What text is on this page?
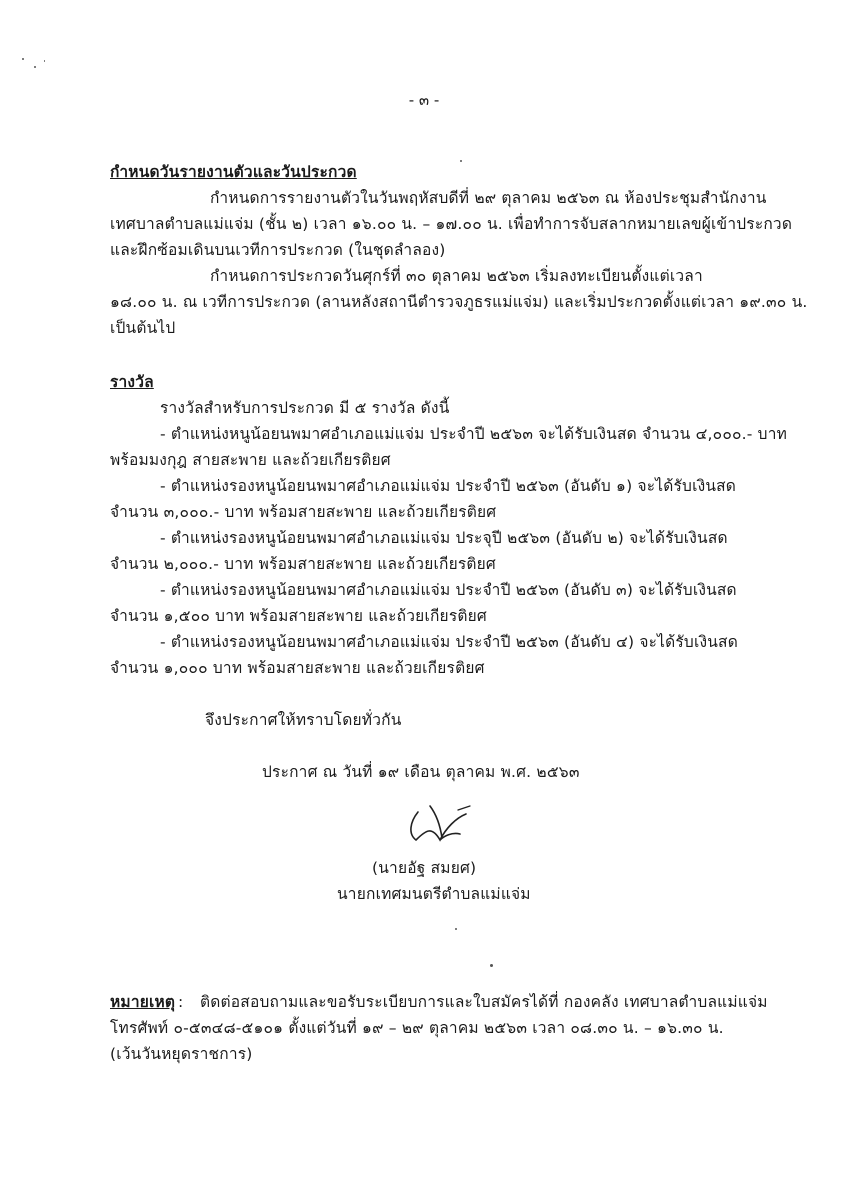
- ๓ -
กำหนดวันรายงานตัวและวันประกวด
กำหนดการรายงานตัวในวันพฤหัสบดีที่ ๒๙ ตุลาคม ๒๕๖๓ ณ ห้องประชุมสำนักงาน
เทศบาลตำบลแม่แจ่ม (ชั้น ๒) เวลา ๑๖.๐๐ น. – ๑๗.๐๐ น. เพื่อทำการจับสลากหมายเลขผู้เข้าประกวด
และฝึกซ้อมเดินบนเวทีการประกวด (ในชุดลำลอง)
กำหนดการประกวดวันศุกร์ที่ ๓๐ ตุลาคม ๒๕๖๓ เริ่มลงทะเบียนตั้งแต่เวลา
๑๘.๐๐ น. ณ เวทีการประกวด (ลานหลังสถานีตำรวจภูธรแม่แจ่ม) และเริ่มประกวดตั้งแต่เวลา ๑๙.๓๐ น.
เป็นต้นไป
รางวัล
รางวัลสำหรับการประกวด มี ๕ รางวัล ดังนี้
- ตำแหน่งหนูน้อยนพมาศอำเภอแม่แจ่ม ประจำปี ๒๕๖๓ จะได้รับเงินสด จำนวน ๔,๐๐๐.- บาท
พร้อมมงกุฎ สายสะพาย และถ้วยเกียรติยศ
- ตำแหน่งรองหนูน้อยนพมาศอำเภอแม่แจ่ม ประจำปี ๒๕๖๓ (อันดับ ๑) จะได้รับเงินสด
จำนวน ๓,๐๐๐.- บาท พร้อมสายสะพาย และถ้วยเกียรติยศ
- ตำแหน่งรองหนูน้อยนพมาศอำเภอแม่แจ่ม ประจุปี ๒๕๖๓ (อันดับ ๒) จะได้รับเงินสด
จำนวน ๒,๐๐๐.- บาท พร้อมสายสะพาย และถ้วยเกียรติยศ
- ตำแหน่งรองหนูน้อยนพมาศอำเภอแม่แจ่ม ประจำปี ๒๕๖๓ (อันดับ ๓) จะได้รับเงินสด
จำนวน ๑,๕๐๐ บาท พร้อมสายสะพาย และถ้วยเกียรติยศ
- ตำแหน่งรองหนูน้อยนพมาศอำเภอแม่แจ่ม ประจำปี ๒๕๖๓ (อันดับ ๔) จะได้รับเงินสด
จำนวน ๑,๐๐๐ บาท พร้อมสายสะพาย และถ้วยเกียรติยศ
จึงประกาศให้ทราบโดยทั่วกัน
ประกาศ ณ วันที่ ๑๙ เดือน ตุลาคม พ.ศ. ๒๕๖๓
(นายอัฐ สมยศ)
นายกเทศมนตรีตำบลแม่แจ่ม
หมายเหตุ : ติดต่อสอบถามและขอรับระเบียบการและใบสมัครได้ที่ กองคลัง เทศบาลตำบลแม่แจ่ม
โทรศัพท์ ๐-๕๓๔๘-๕๑๐๑ ตั้งแต่วันที่ ๑๙ – ๒๙ ตุลาคม ๒๕๖๓ เวลา ๐๘.๓๐ น. – ๑๖.๓๐ น.
(เว้นวันหยุดราชการ)
